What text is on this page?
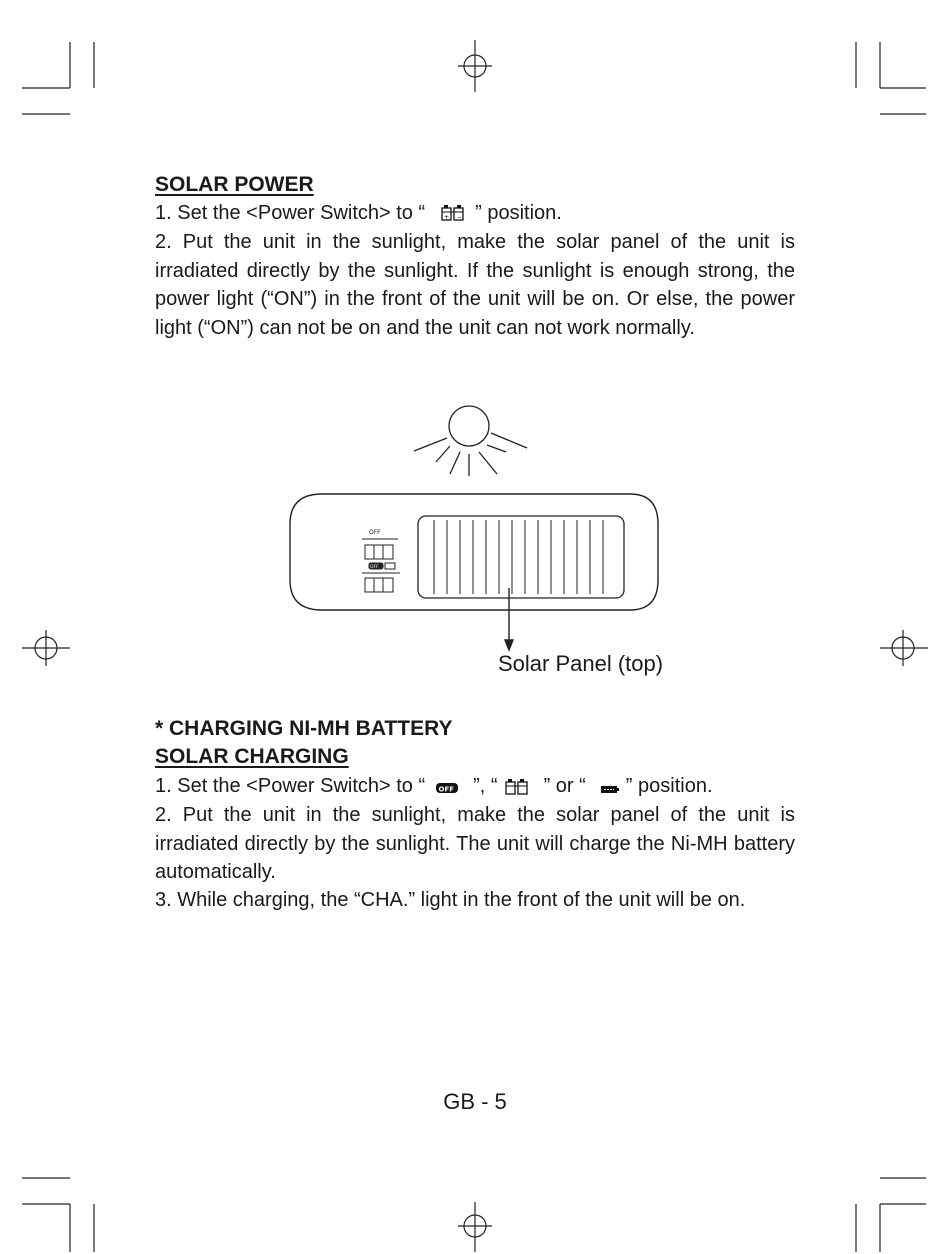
SOLAR POWER

1. Set the <Power Switch> to “	+ − ” position.

2. Put the unit in the sunlight, make the solar panel of the unit is irradiated directly by the sunlight. If the sunlight is enough strong, the power light (“ON”) in the front of the unit will be on. Or else, the power light (“ON”) can not be on and the unit can not work normally.

OFF
OFF
Solar Panel (top)
* CHARGING NI-MH BATTERY
SOLAR CHARGING

1. Set the <Power Switch> to “ OFF ”, “ ” or “ ” position.

2. Put the unit in the sunlight, make the solar panel of the unit is irradiated directly by the sunlight. The unit will charge the Ni-MH battery automatically.

3. While charging, the “CHA.” light in the front of the unit will be on.

GB - 5
